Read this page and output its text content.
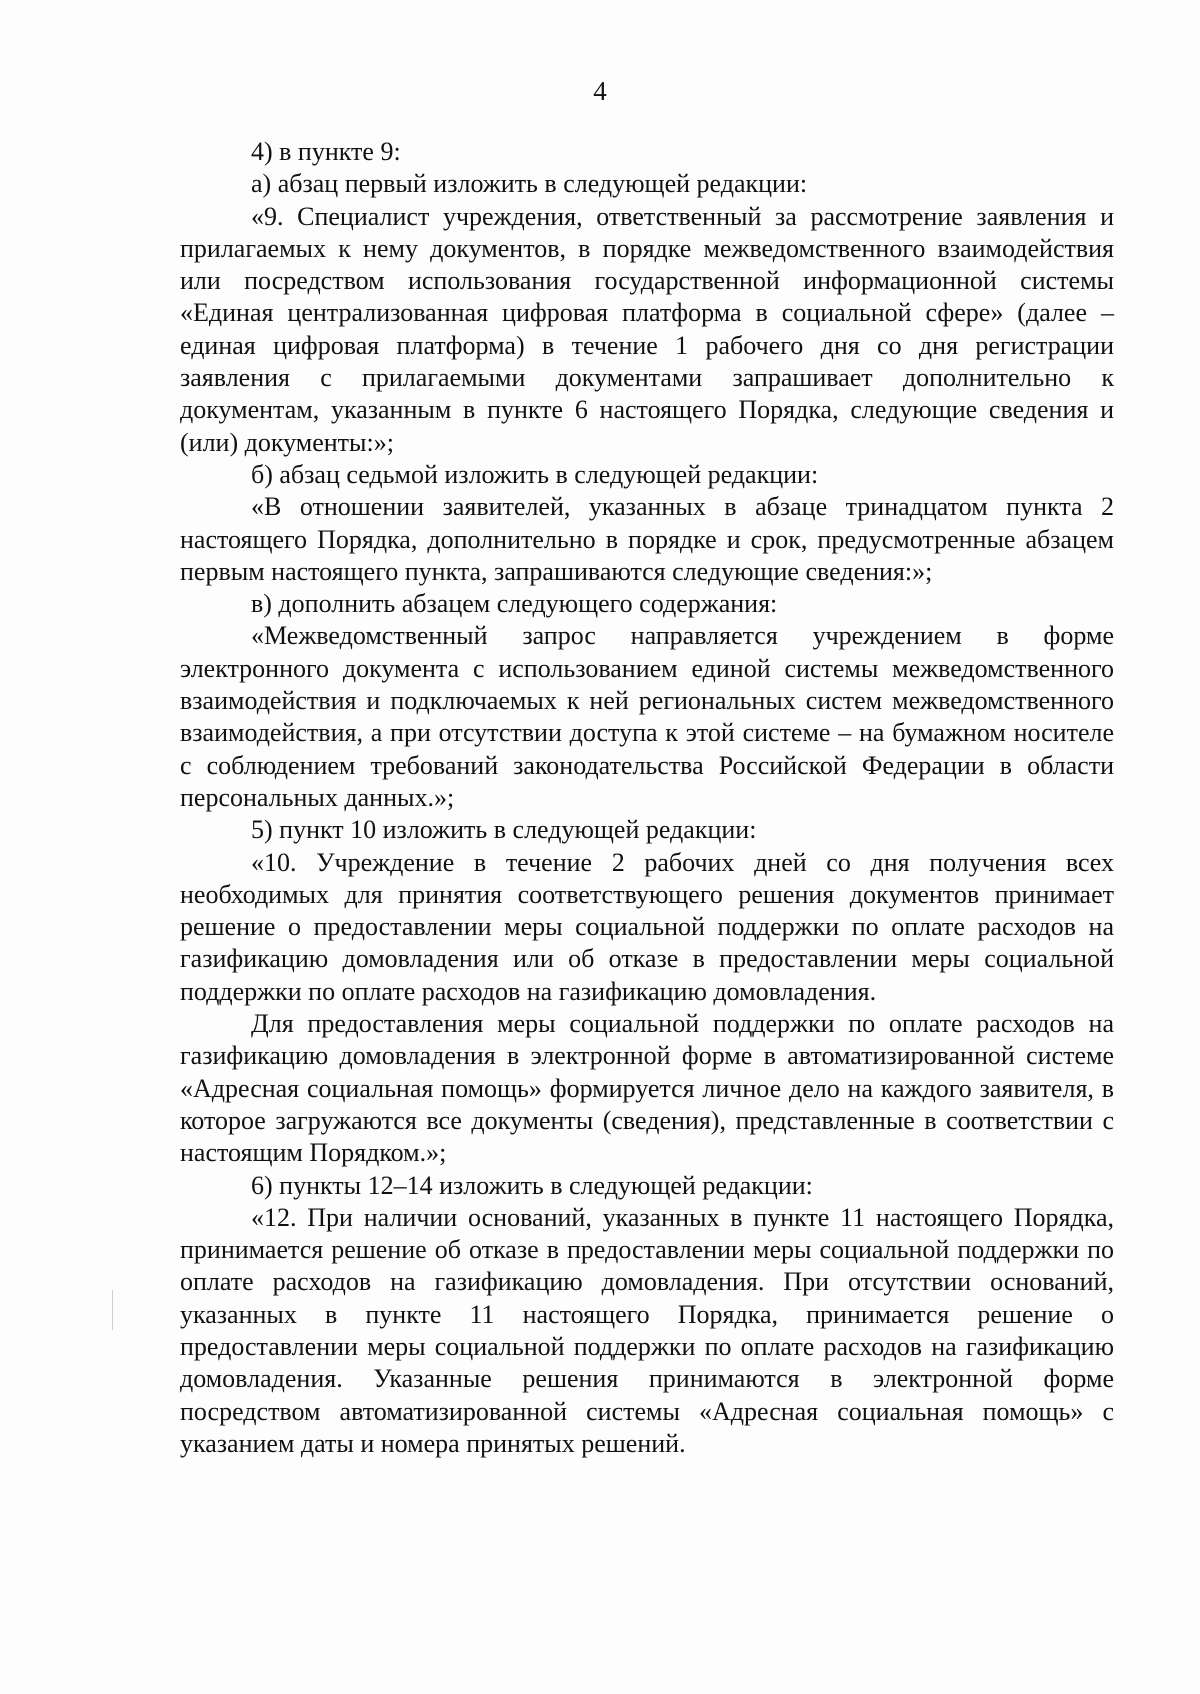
4

4) в пункте 9:

а) абзац первый изложить в следующей редакции:

«9. Специалист учреждения, ответственный за рассмотрение заявления и прилагаемых к нему документов, в порядке межведомственного взаимодействия или посредством использования государственной информационной системы «Единая централизованная цифровая платформа в социальной сфере» (далее – единая цифровая платформа) в течение 1 рабочего дня со дня регистрации заявления с прилагаемыми документами запрашивает дополнительно к документам, указанным в пункте 6 настоящего Порядка, следующие сведения и (или) документы:»;

б) абзац седьмой изложить в следующей редакции:

«В отношении заявителей, указанных в абзаце тринадцатом пункта 2 настоящего Порядка, дополнительно в порядке и срок, предусмотренные абзацем первым настоящего пункта, запрашиваются следующие сведения:»;

в) дополнить абзацем следующего содержания:

«Межведомственный запрос направляется учреждением в форме электронного документа с использованием единой системы межведомственного взаимодействия и подключаемых к ней региональных систем межведомственного взаимодействия, а при отсутствии доступа к этой системе – на бумажном носителе с соблюдением требований законодательства Российской Федерации в области персональных данных.»;

5) пункт 10 изложить в следующей редакции:

«10. Учреждение в течение 2 рабочих дней со дня получения всех необходимых для принятия соответствующего решения документов принимает решение о предоставлении меры социальной поддержки по оплате расходов на газификацию домовладения или об отказе в предоставлении меры социальной поддержки по оплате расходов на газификацию домовладения.

Для предоставления меры социальной поддержки по оплате расходов на газификацию домовладения в электронной форме в автоматизированной системе «Адресная социальная помощь» формируется личное дело на каждого заявителя, в которое загружаются все документы (сведения), представленные в соответствии с настоящим Порядком.»;

6) пункты 12–14 изложить в следующей редакции:

«12. При наличии оснований, указанных в пункте 11 настоящего Порядка, принимается решение об отказе в предоставлении меры социальной поддержки по оплате расходов на газификацию домовладения. При отсутствии оснований, указанных в пункте 11 настоящего Порядка, принимается решение о предоставлении меры социальной поддержки по оплате расходов на газификацию домовладения. Указанные решения принимаются в электронной форме посредством автоматизированной системы «Адресная социальная помощь» с указанием даты и номера принятых решений.
